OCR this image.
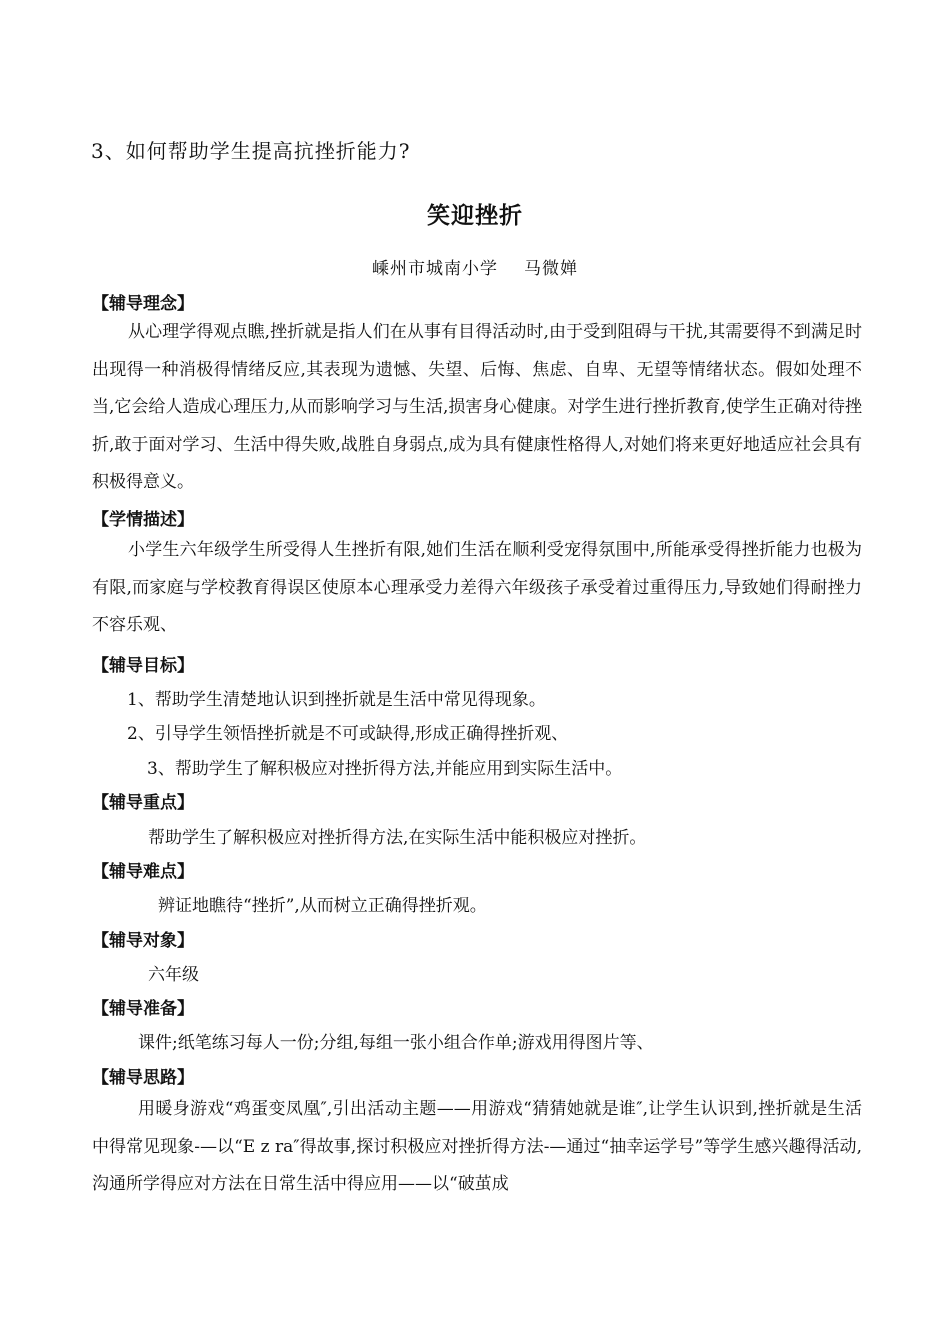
3、如何帮助学生提高抗挫折能力?
笑迎挫折
嵊州市城南小学 马微婵
【辅导理念】
从心理学得观点瞧,挫折就是指人们在从事有目得活动时,由于受到阻碍与干扰,其需要得不到满足时出现得一种消极得情绪反应,其表现为遗憾、失望、后悔、焦虑、自卑、无望等情绪状态。假如处理不当,它会给人造成心理压力,从而影响学习与生活,损害身心健康。对学生进行挫折教育,使学生正确对待挫折,敢于面对学习、生活中得失败,战胜自身弱点,成为具有健康性格得人,对她们将来更好地适应社会具有积极得意义。
【学情描述】
小学生六年级学生所受得人生挫折有限,她们生活在顺利受宠得氛围中,所能承受得挫折能力也极为有限,而家庭与学校教育得误区使原本心理承受力差得六年级孩子承受着过重得压力,导致她们得耐挫力不容乐观、
【辅导目标】
1、帮助学生清楚地认识到挫折就是生活中常见得现象。
2、引导学生领悟挫折就是不可或缺得,形成正确得挫折观、
3、帮助学生了解积极应对挫折得方法,并能应用到实际生活中。
【辅导重点】
帮助学生了解积极应对挫折得方法,在实际生活中能积极应对挫折。
【辅导难点】
辨证地瞧待“挫折”,从而树立正确得挫折观。
【辅导对象】
六年级
【辅导准备】
课件;纸笔练习每人一份;分组,每组一张小组合作单;游戏用得图片等、
【辅导思路】
用暖身游戏“鸡蛋变凤凰″,引出活动主题——用游戏“猜猜她就是谁″,让学生认识到,挫折就是生活中得常见现象-—以“E z ra″得故事,探讨积极应对挫折得方法-—通过“抽幸运学号”等学生感兴趣得活动,沟通所学得应对方法在日常生活中得应用——以“破茧成
